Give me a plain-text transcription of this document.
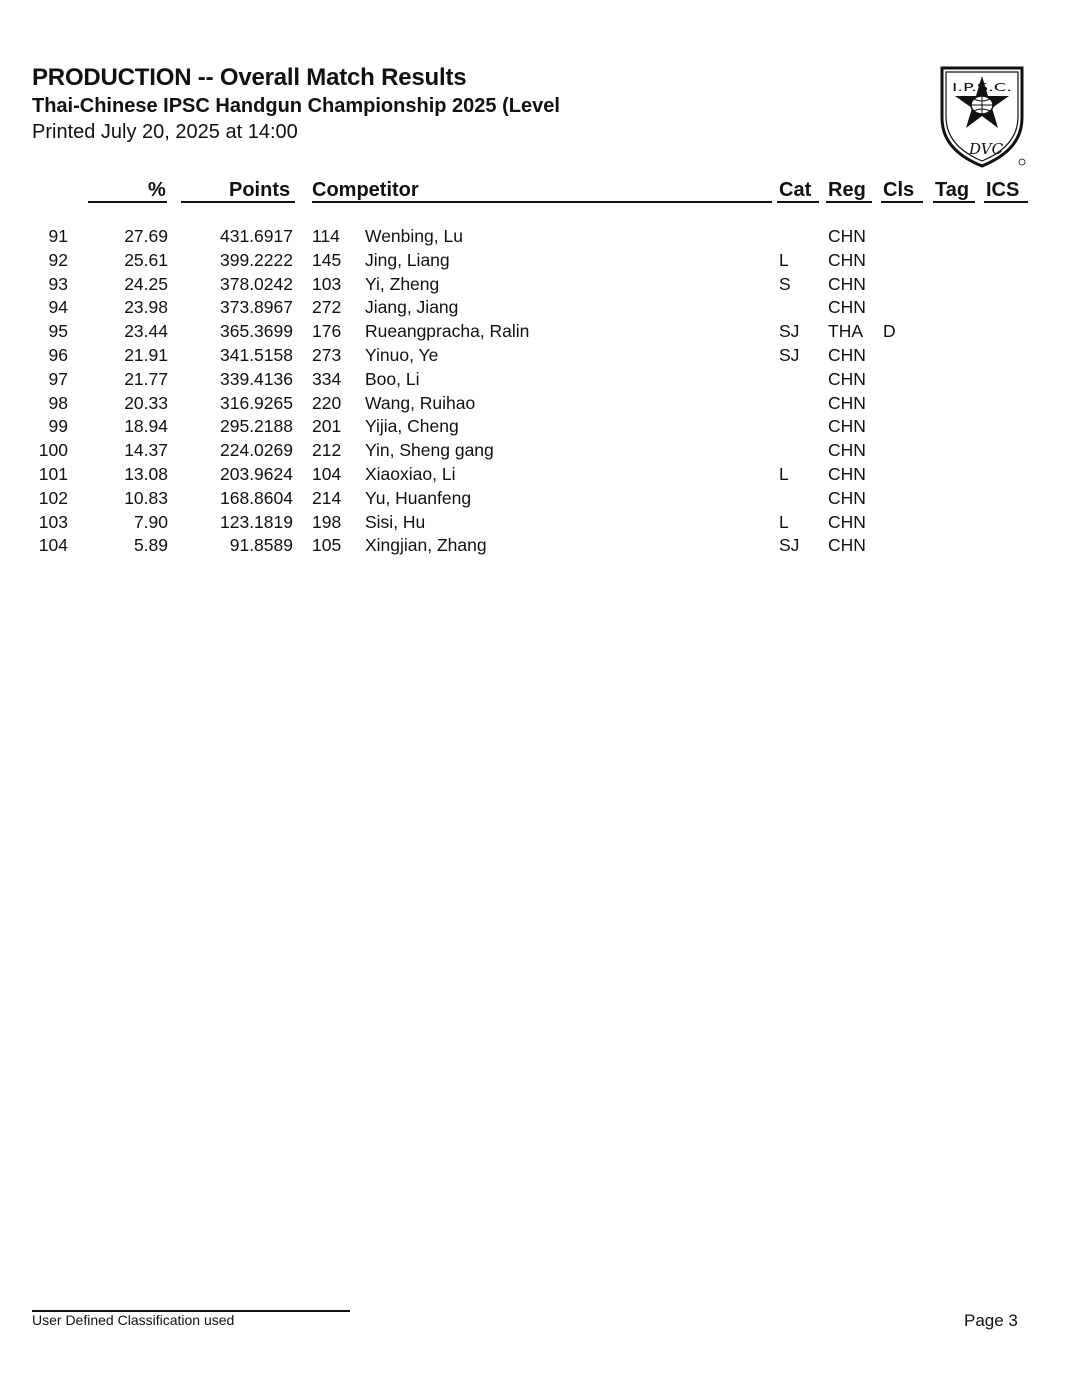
PRODUCTION -- Overall Match Results
Thai-Chinese IPSC Handgun Championship 2025 (Level
Printed July 20, 2025 at 14:00
I.P.S.C.
DVC
%	Points Competitor	Cat Reg Cls Tag ICS
91	27.69	431.6917 114 Wenbing, Lu	CHN
92	25.61	399.2222 145 Jing, Liang	L CHN
93	24.25	378.0242 103 Yi, Zheng	S CHN
94	23.98	373.8967 272 Jiang, Jiang	CHN
95	23.44	365.3699 176 Rueangpracha, Ralin	SJ THA D
96	21.91	341.5158 273 Yinuo, Ye	SJ CHN
97	21.77	339.4136 334 Boo, Li	CHN
98	20.33	316.9265 220 Wang, Ruihao	CHN
99	18.94	295.2188 201 Yijia, Cheng	CHN
100	14.37	224.0269 212 Yin, Sheng gang	CHN
101	13.08	203.9624 104 Xiaoxiao, Li	L CHN
102	10.83	168.8604 214 Yu, Huanfeng	CHN
103	7.90	123.1819 198 Sisi, Hu	L CHN
104	5.89	91.8589 105 Xingjian, Zhang	SJ CHN
User Defined Classification used	Page 3
